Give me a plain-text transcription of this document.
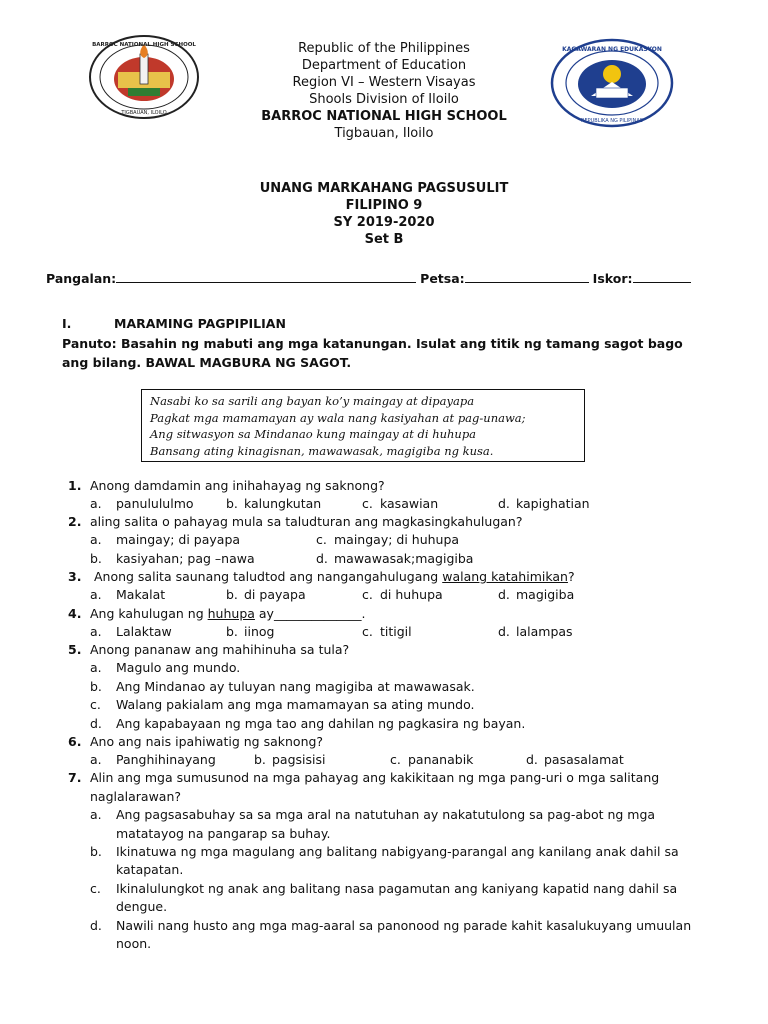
BARROC NATIONAL HIGH SCHOOL
TIGBAUAN, ILOILO
KAGAWARAN NG EDUKASYON
REPUBLIKA NG PILIPINAS
Republic of the Philippines
Department of Education
Region VI – Western Visayas
Shools Division of Iloilo
BARROC NATIONAL HIGH SCHOOL
Tigbauan, Iloilo
UNANG MARKAHANG PAGSUSULIT
FILIPINO 9
SY 2019-2020
Set B
Pangalan:	Petsa:	Iskor:
I.	MARAMING PAGPIPILIAN
Panuto: Basahin ng mabuti ang mga katanungan. Isulat ang titik ng tamang sagot bago ang bilang. BAWAL MAGBURA NG SAGOT.
Nasabi ko sa sarili ang bayan ko’y maingay at dipayapa
Pagkat mga mamamayan ay wala nang kasiyahan at pag-unawa;
Ang sitwasyon sa Mindanao kung maingay at di huhupa
Bansang ating kinagisnan, mawawasak, magigiba ng kusa.
1. Anong damdamin ang inihahayag ng saknong?
a. panulululmo	b. kalungkutan	c. kasawian	d. kapighatian
2. aling salita o pahayag mula sa taludturan ang magkasingkahulugan?
a. maingay; di payapa	c. maingay; di huhupa
b. kasiyahan; pag –nawa	d. mawawasak;magigiba
3. Anong salita saunang taludtod ang nangangahulugang walang katahimikan?
a. Makalat	b. di payapa	c. di huhupa	d. magigiba
4. Ang kahulugan ng huhupa ay______________.
a. Lalaktaw	b. iinog	c. titigil	d. lalampas
5. Anong pananaw ang mahihinuha sa tula?
a. Magulo ang mundo.
b. Ang Mindanao ay tuluyan nang magigiba at mawawasak.
c. Walang pakialam ang mga mamamayan sa ating mundo.
d. Ang kapabayaan ng mga tao ang dahilan ng pagkasira ng bayan.
6. Ano ang nais ipahiwatig ng saknong?
a. Panghihinayang	b. pagsisisi	c. pananabik	d. pasasalamat
7. Alin ang mga sumusunod na mga pahayag ang kakikitaan ng mga pang-uri o mga salitang
naglalarawan?
a. Ang pagsasabuhay sa sa mga aral na natutuhan ay nakatutulong sa pag-abot ng mga
matatayog na pangarap sa buhay.
b. Ikinatuwa ng mga magulang ang balitang nabigyang-parangal ang kanilang anak dahil sa
katapatan.
c. Ikinalulungkot ng anak ang balitang nasa pagamutan ang kaniyang kapatid nang dahil sa
dengue.
d. Nawili nang husto ang mga mag-aaral sa panonood ng parade kahit kasalukuyang umuulan
noon.
